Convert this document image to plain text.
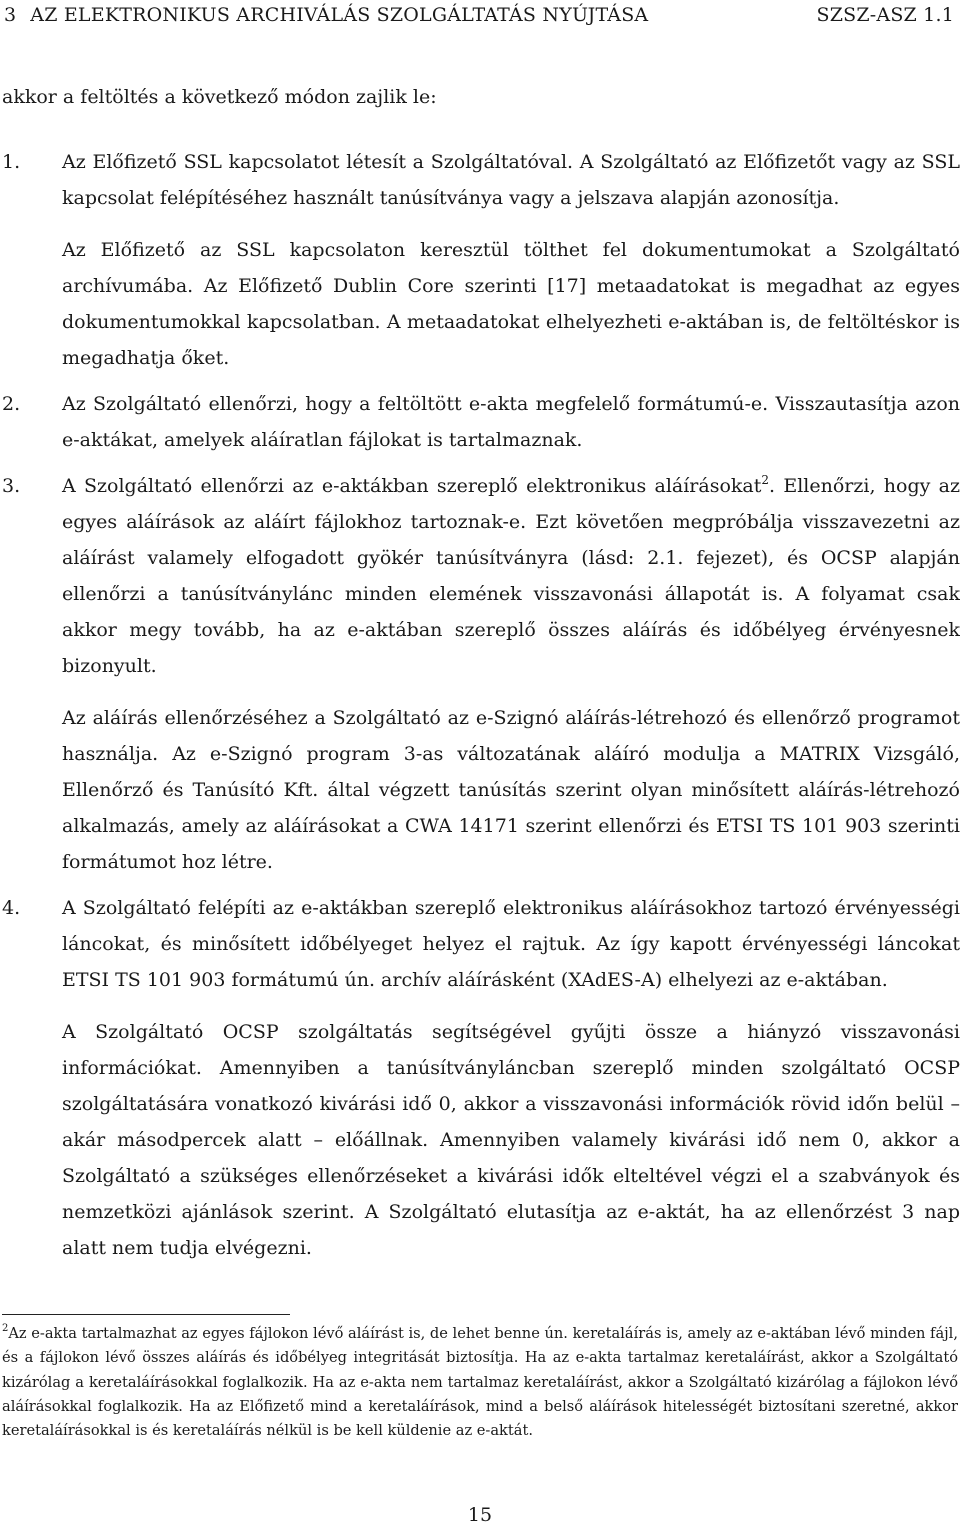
3 AZ ELEKTRONIKUS ARCHIVÁLÁS SZOLGÁLTATÁS NYÚJTÁSA	SZSZ-ASZ 1.1
akkor a feltöltés a következő módon zajlik le:
1. Az Előfizető SSL kapcsolatot létesít a Szolgáltatóval. A Szolgáltató az Előfizetőt vagy az SSL kapcsolat felépítéséhez használt tanúsítványa vagy a jelszava alapján azonosítja.

Az Előfizető az SSL kapcsolaton keresztül tölthet fel dokumentumokat a Szolgáltató archívumába. Az Előfizető Dublin Core szerinti [17] metaadatokat is megadhat az egyes dokumentumokkal kapcsolatban. A metaadatokat elhelyezheti e-aktában is, de feltöltéskor is megadhatja őket.

2. Az Szolgáltató ellenőrzi, hogy a feltöltött e-akta megfelelő formátumú-e. Visszautasítja azon e-aktákat, amelyek aláíratlan fájlokat is tartalmaznak.

3. A Szolgáltató ellenőrzi az e-aktákban szereplő elektronikus aláírásokat$^2$. Ellenőrzi, hogy az egyes aláírások az aláírt fájlokhoz tartoznak-e. Ezt követően megpróbálja visszavezetni az aláírást valamely elfogadott gyökér tanúsítványra (lásd: 2.1. fejezet), és OCSP alapján ellenőrzi a tanúsítványlánc minden elemének visszavonási állapotát is. A folyamat csak akkor megy tovább, ha az e-aktában szereplő összes aláírás és időbélyeg érvényesnek bizonyult.

Az aláírás ellenőrzéséhez a Szolgáltató az e-Szignó aláírás-létrehozó és ellenőrző programot használja. Az e-Szignó program 3-as változatának aláíró modulja a MATRIX Vizsgáló, Ellenőrző és Tanúsító Kft. által végzett tanúsítás szerint olyan minősített aláírás-létrehozó alkalmazás, amely az aláírásokat a CWA 14171 szerint ellenőrzi és ETSI TS 101 903 szerinti formátumot hoz létre.

4. A Szolgáltató felépíti az e-aktákban szereplő elektronikus aláírásokhoz tartozó érvényességi láncokat, és minősített időbélyeget helyez el rajtuk. Az így kapott érvényességi láncokat ETSI TS 101 903 formátumú ún. archív aláírásként (XAdES-A) elhelyezi az e-aktában.

A Szolgáltató OCSP szolgáltatás segítségével gyűjti össze a hiányzó visszavonási információkat. Amennyiben a tanúsítványláncban szereplő minden szolgáltató OCSP szolgáltatására vonatkozó kivárási idő 0, akkor a visszavonási információk rövid időn belül – akár másodpercek alatt – előállnak. Amennyiben valamely kivárási idő nem 0, akkor a Szolgáltató a szükséges ellenőrzéseket a kivárási idők elteltével végzi el a szabványok és nemzetközi ajánlások szerint. A Szolgáltató elutasítja az e-aktát, ha az ellenőrzést 3 nap alatt nem tudja elvégezni.

$^2$Az e-akta tartalmazhat az egyes fájlokon lévő aláírást is, de lehet benne ún. keretaláírás is, amely az e-aktában lévő minden fájl, és a fájlokon lévő összes aláírás és időbélyeg integritását biztosítja. Ha az e-akta tartalmaz keretaláírást, akkor a Szolgáltató kizárólag a keretaláírásokkal foglalkozik. Ha az e-akta nem tartalmaz keretaláírást, akkor a Szolgáltató kizárólag a fájlokon lévő aláírásokkal foglalkozik. Ha az Előfizető mind a keretaláírások, mind a belső aláírások hitelességét biztosítani szeretné, akkor keretaláírásokkal is és keretaláírás nélkül is be kell küldenie az e-aktát.
15
